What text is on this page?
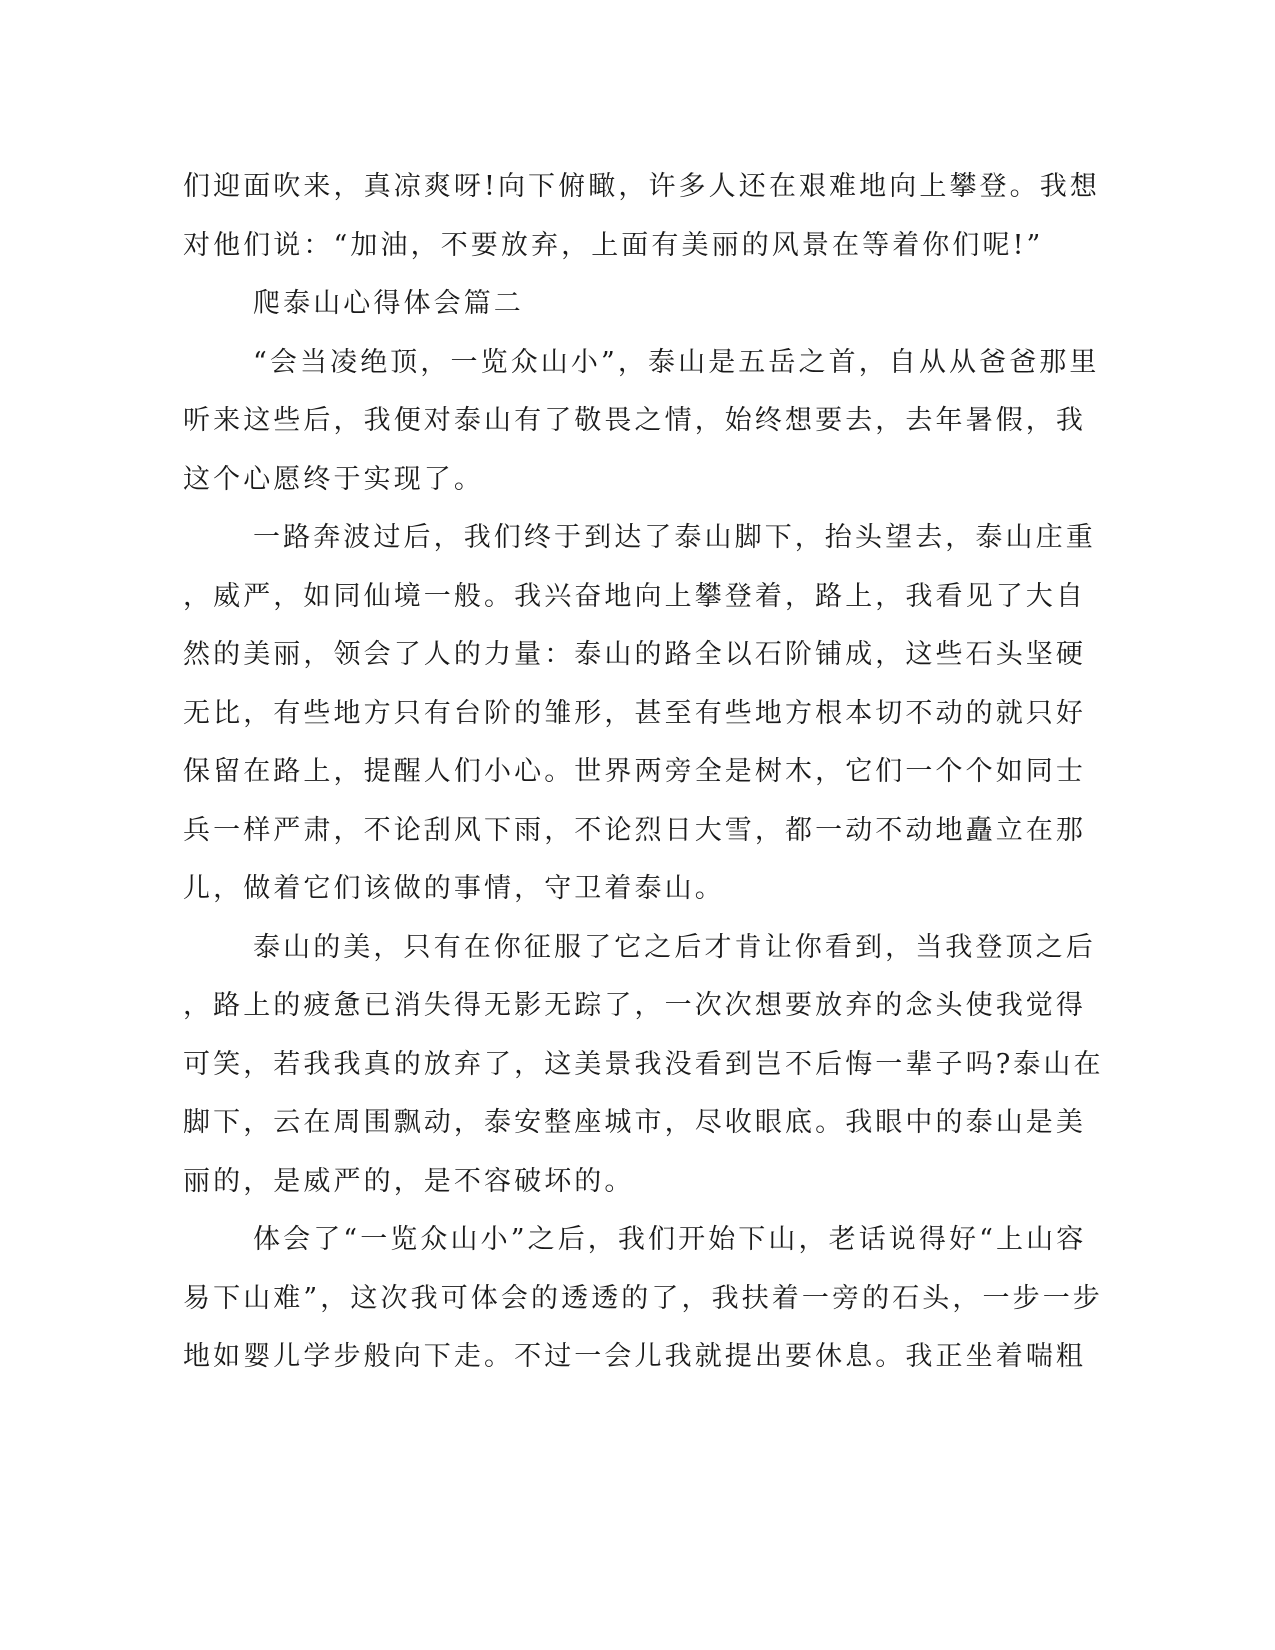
们迎面吹来，真凉爽呀!向下俯瞰，许多人还在艰难地向上攀登。我想
对他们说：“加油，不要放弃，上面有美丽的风景在等着你们呢!”
爬泰山心得体会篇二
“会当凌绝顶，一览众山小”，泰山是五岳之首，自从从爸爸那里
听来这些后，我便对泰山有了敬畏之情，始终想要去，去年暑假，我
这个心愿终于实现了。
一路奔波过后，我们终于到达了泰山脚下，抬头望去，泰山庄重
，威严，如同仙境一般。我兴奋地向上攀登着，路上，我看见了大自
然的美丽，领会了人的力量：泰山的路全以石阶铺成，这些石头坚硬
无比，有些地方只有台阶的雏形，甚至有些地方根本切不动的就只好
保留在路上，提醒人们小心。世界两旁全是树木，它们一个个如同士
兵一样严肃，不论刮风下雨，不论烈日大雪，都一动不动地矗立在那
儿，做着它们该做的事情，守卫着泰山。
泰山的美，只有在你征服了它之后才肯让你看到，当我登顶之后
，路上的疲惫已消失得无影无踪了，一次次想要放弃的念头使我觉得
可笑，若我我真的放弃了，这美景我没看到岂不后悔一辈子吗?泰山在
脚下，云在周围飘动，泰安整座城市，尽收眼底。我眼中的泰山是美
丽的，是威严的，是不容破坏的。
体会了“一览众山小”之后，我们开始下山，老话说得好“上山容
易下山难”，这次我可体会的透透的了，我扶着一旁的石头，一步一步
地如婴儿学步般向下走。不过一会儿我就提出要休息。我正坐着喘粗
